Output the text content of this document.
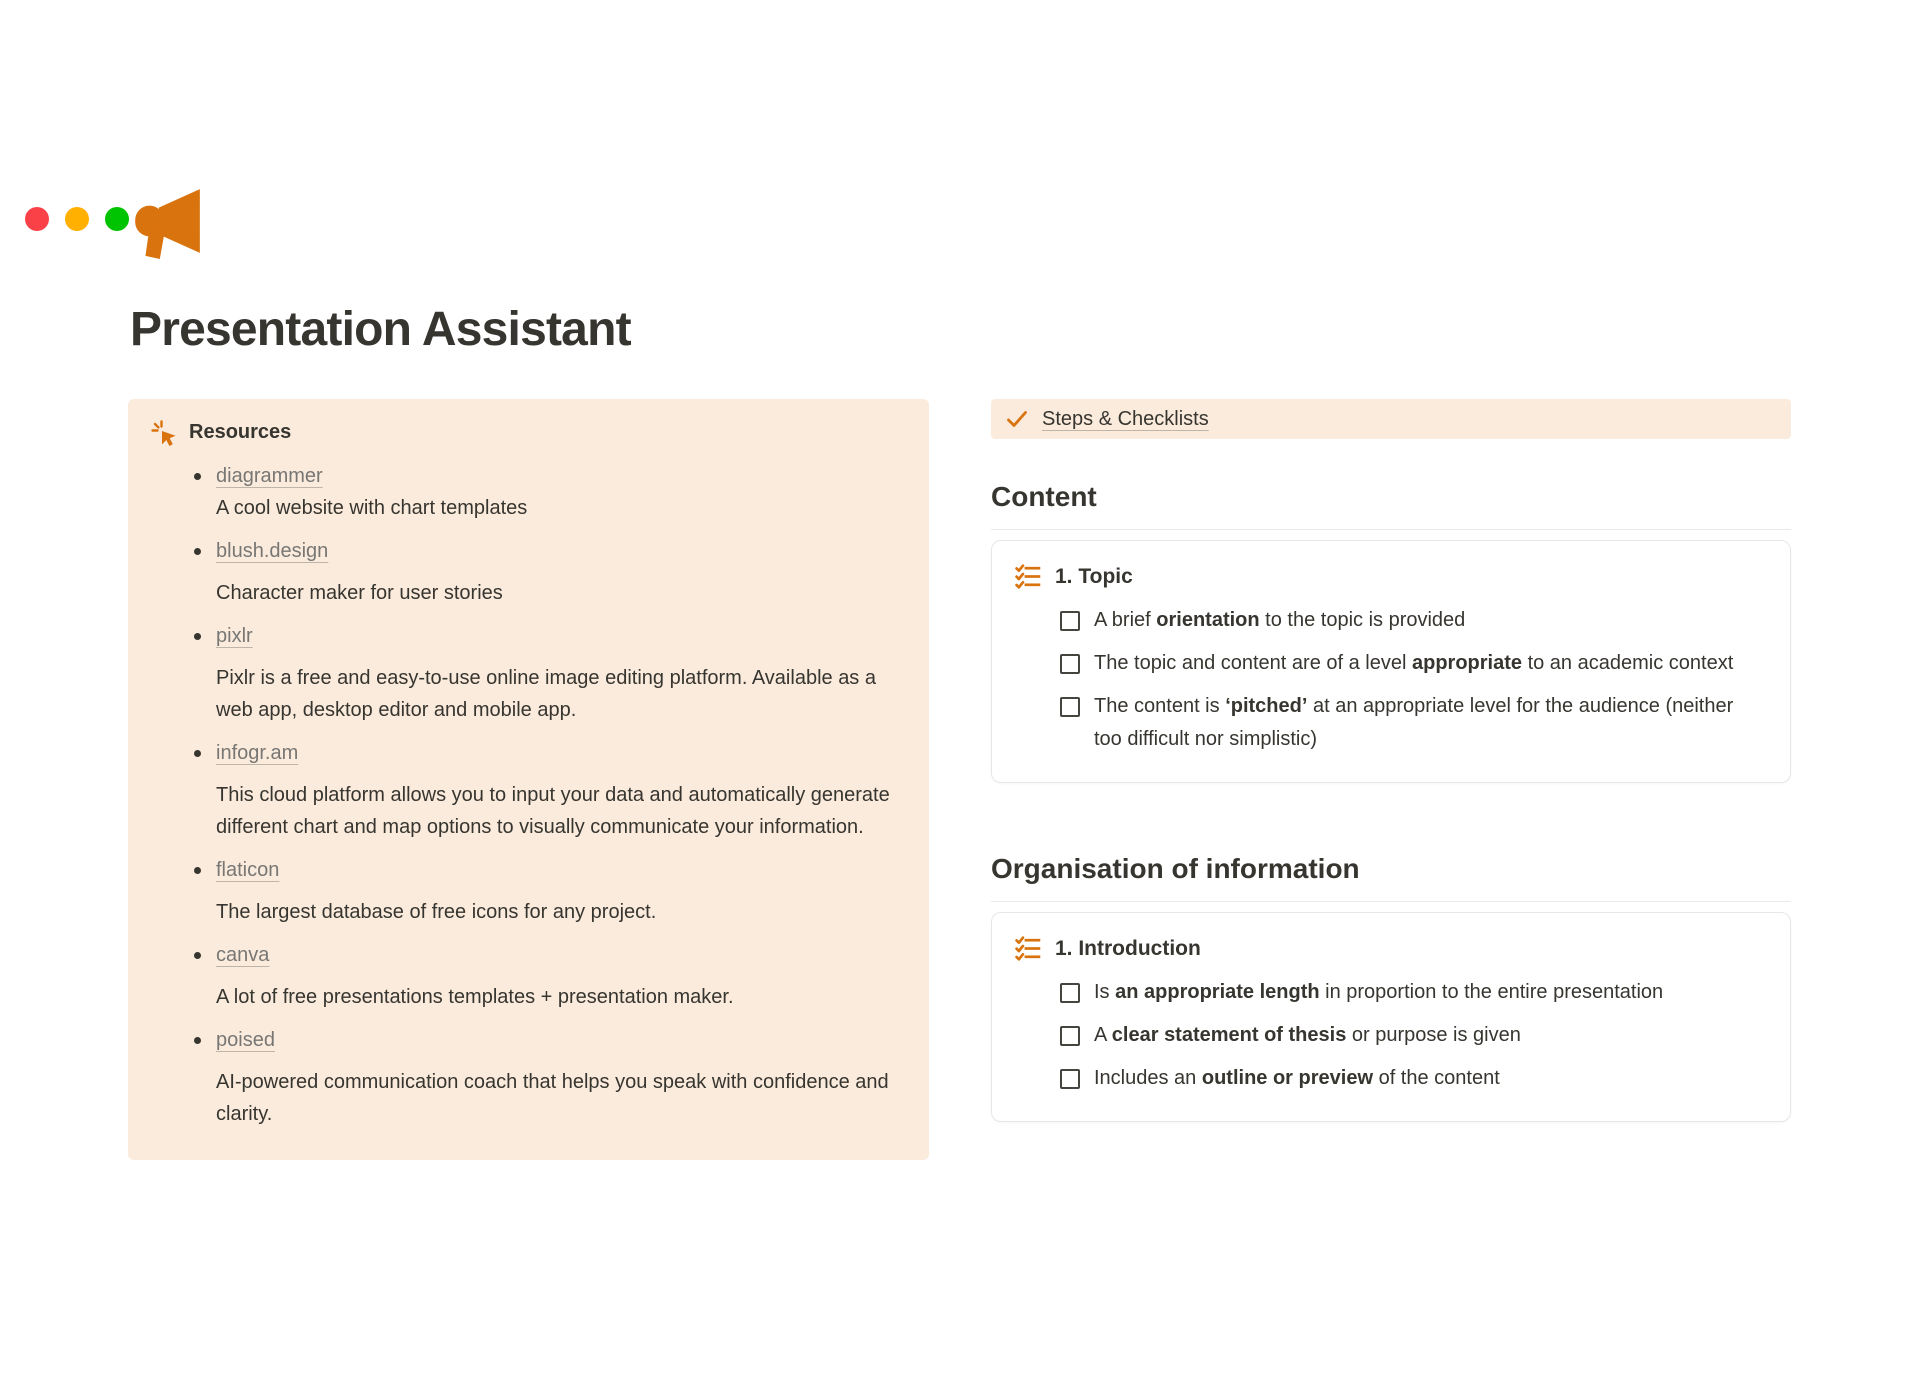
Presentation Assistant
Resources
diagrammer
A cool website with chart templates
blush.design
Character maker for user stories
pixlr
Pixlr is a free and easy-to-use online image editing platform. Available as a web app, desktop editor and mobile app.
infogr.am
This cloud platform allows you to input your data and automatically generate different chart and map options to visually communicate your information.
flaticon
The largest database of free icons for any project.
canva
A lot of free presentations templates + presentation maker.
poised
AI-powered communication coach that helps you speak with confidence and clarity.
Steps & Checklists
Content
1. Topic
A brief orientation to the topic is provided
The topic and content are of a level appropriate to an academic context
The content is ‘pitched’ at an appropriate level for the audience (neither too difficult nor simplistic)
Organisation of information
1. Introduction
Is an appropriate length in proportion to the entire presentation
A clear statement of thesis or purpose is given
Includes an outline or preview of the content
